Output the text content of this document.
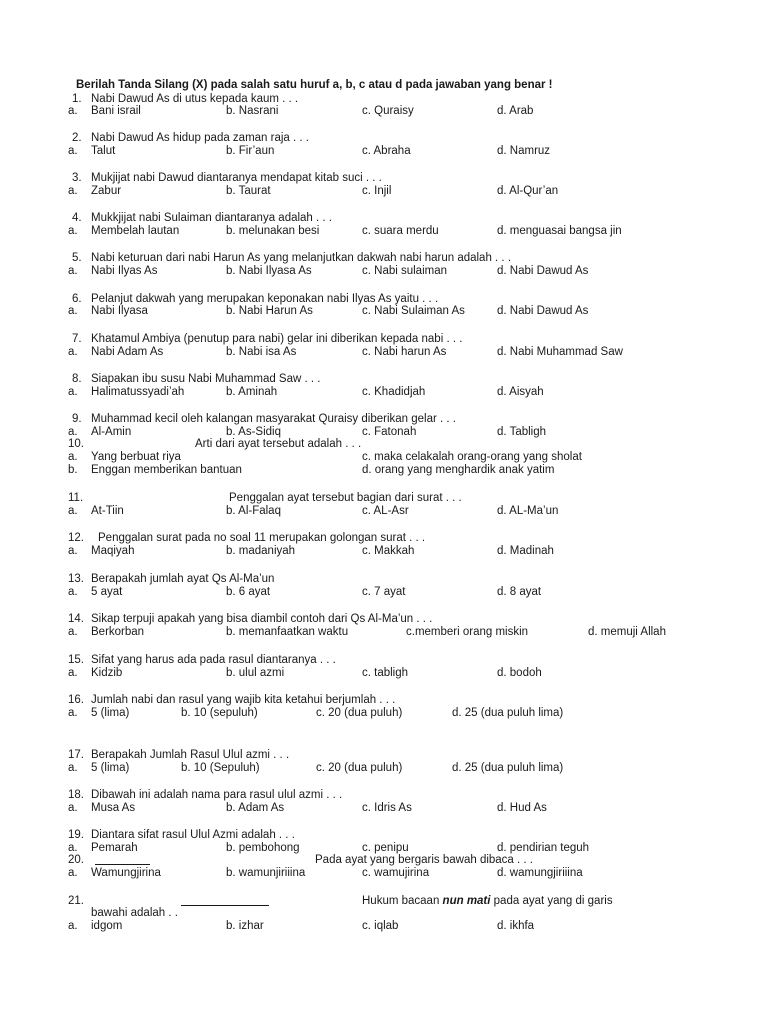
Berilah Tanda Silang (X) pada salah satu huruf a, b, c atau d pada jawaban yang benar !
1. Nabi Dawud As di utus kepada kaum . . .
a. Bani israil	b. Nasrani	c. Quraisy	d. Arab
2. Nabi Dawud As hidup pada zaman raja . . .
a. Talut	b. Fir’aun	c. Abraha	d. Namruz
3. Mukjijat nabi Dawud diantaranya mendapat kitab suci . . .
a. Zabur	b. Taurat	c. Injil	d. Al-Qur’an
4. Mukkjijat nabi Sulaiman diantaranya adalah . . .
a. Membelah lautan	b. melunakan besi	c. suara merdu	d. menguasai bangsa jin
5. Nabi keturuan dari nabi Harun As yang melanjutkan dakwah nabi harun adalah . . .
a. Nabi Ilyas As	b. Nabi Ilyasa As	c. Nabi sulaiman	d. Nabi Dawud As
6. Pelanjut dakwah yang merupakan keponakan nabi Ilyas As yaitu . . .
a. Nabi Ilyasa	b. Nabi Harun As	c. Nabi Sulaiman As	d. Nabi Dawud As
7. Khatamul Ambiya (penutup para nabi) gelar ini diberikan kepada nabi . . .
a. Nabi Adam As	b. Nabi isa As	c. Nabi harun As	d. Nabi Muhammad Saw
8. Siapakan ibu susu Nabi Muhammad Saw . . .
a. Halimatussyadi’ah	b. Aminah	c. Khadidjah	d. Aisyah
9. Muhammad kecil oleh kalangan masyarakat Quraisy diberikan gelar . . .
a. Al-Amin	b. As-Sidiq	c. Fatonah	d. Tabligh
10.	Arti dari ayat tersebut adalah . . .
a. Yang berbuat riya	c. maka celakalah orang-orang yang sholat
b. Enggan memberikan bantuan	d. orang yang menghardik anak yatim
11.	Penggalan ayat tersebut bagian dari surat . . .
a. At-Tiin	b. Al-Falaq	c. AL-Asr	d. AL-Ma’un
12. Penggalan surat pada no soal 11 merupakan golongan surat . . .
a. Maqiyah	b. madaniyah	c. Makkah	d. Madinah
13. Berapakah jumlah ayat Qs Al-Ma’un
a. 5 ayat	b. 6 ayat	c. 7 ayat	d. 8 ayat
14. Sikap terpuji apakah yang bisa diambil contoh dari Qs Al-Ma’un . . .
a. Berkorban	b. memanfaatkan waktu	c.memberi orang miskin	d. memuji Allah
15. Sifat yang harus ada pada rasul diantaranya . . .
a. Kidzib	b. ulul azmi	c. tabligh	d. bodoh
16. Jumlah nabi dan rasul yang wajib kita ketahui berjumlah . . .
a. 5 (lima)	b. 10 (sepuluh)	c. 20 (dua puluh)	d. 25 (dua puluh lima)
17. Berapakah Jumlah Rasul Ulul azmi . . .
a. 5 (lima)	b. 10 (Sepuluh)	c. 20 (dua puluh)	d. 25 (dua puluh lima)
18. Dibawah ini adalah nama para rasul ulul azmi . . .
a. Musa As	b. Adam As	c. Idris As	d. Hud As
19. Diantara sifat rasul Ulul Azmi adalah . . .
a. Pemarah	b. pembohong	c. penipu	d. pendirian teguh
20.	Pada ayat yang bergaris bawah dibaca . . .
a. Wamungjirina	b. wamunjiriiina	c. wamujirina	d. wamungjiriiina
21.	Hukum bacaan nun mati pada ayat yang di garis
bawahi adalah . .
a. idgom	b. izhar	c. iqlab	d. ikhfa
